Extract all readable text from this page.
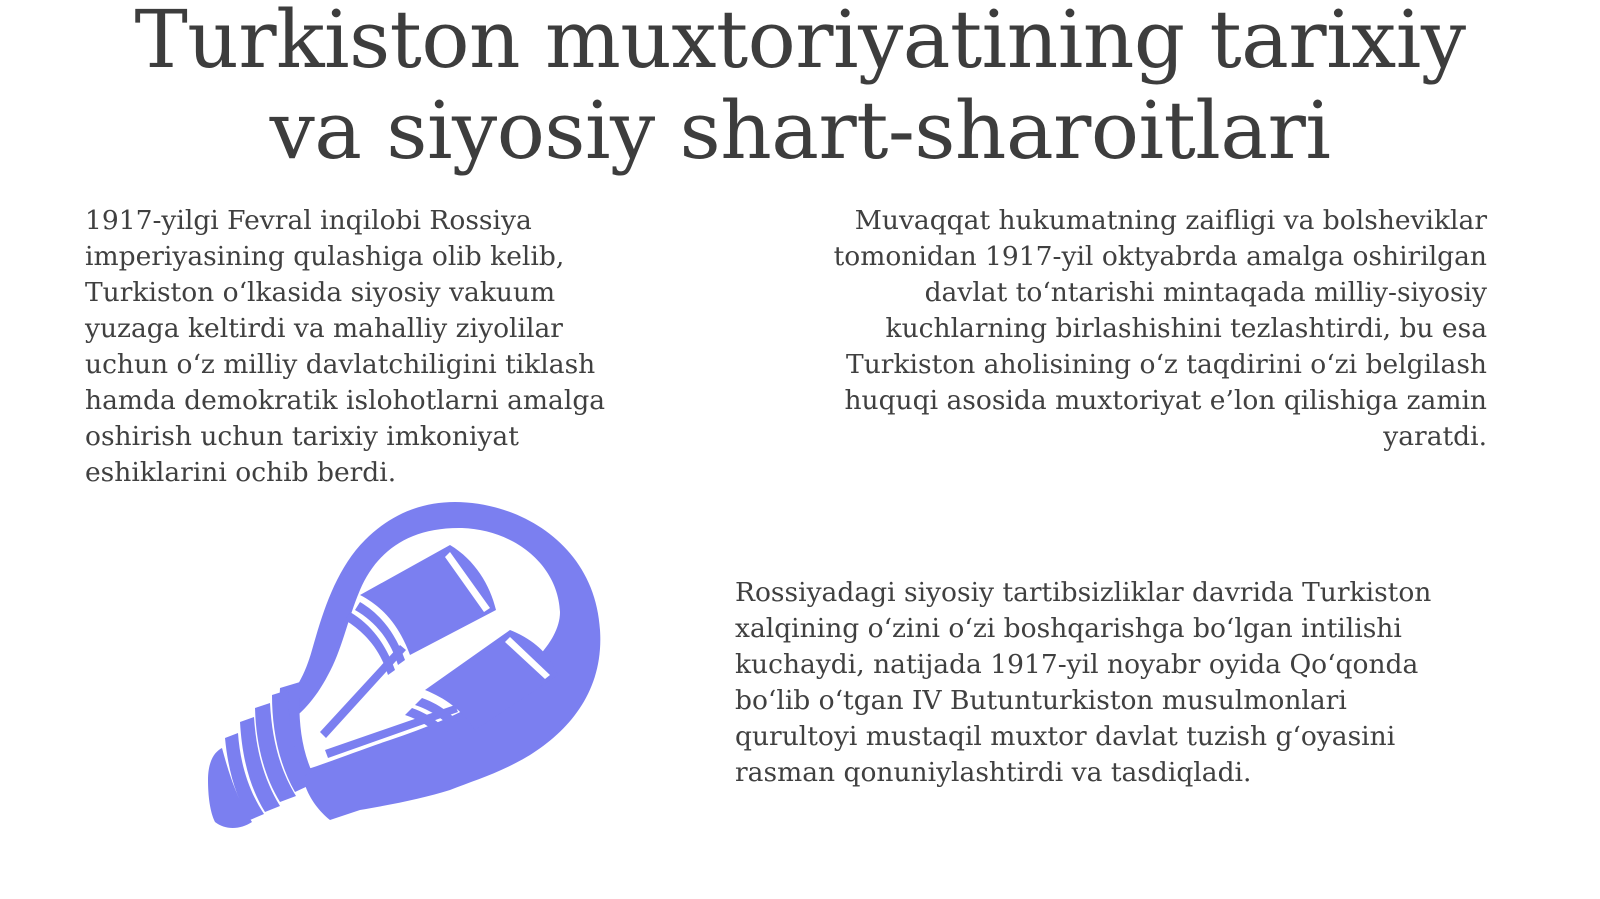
Turkiston muxtoriyatining tarixiy
va siyosiy shart-sharoitlari

1917-yilgi Fevral inqilobi Rossiya
imperiyasining qulashiga olib kelib,
Turkiston oʻlkasida siyosiy vakuum
yuzaga keltirdi va mahalliy ziyolilar
uchun oʻz milliy davlatchiligini tiklash
hamda demokratik islohotlarni amalga
oshirish uchun tarixiy imkoniyat
eshiklarini ochib berdi.

Muvaqqat hukumatning zaifligi va bolsheviklar
tomonidan 1917-yil oktyabrda amalga oshirilgan
davlat toʻntarishi mintaqada milliy-siyosiy
kuchlarning birlashishini tezlashtirdi, bu esa
Turkiston aholisining oʻz taqdirini oʻzi belgilash
huquqi asosida muxtoriyat e’lon qilishiga zamin
yaratdi.

Rossiyadagi siyosiy tartibsizliklar davrida Turkiston
xalqining oʻzini oʻzi boshqarishga boʻlgan intilishi
kuchaydi, natijada 1917-yil noyabr oyida Qoʻqonda
boʻlib oʻtgan IV Butunturkiston musulmonlari
qurultoyi mustaqil muxtor davlat tuzish gʻoyasini
rasman qonuniylashtirdi va tasdiqladi.
